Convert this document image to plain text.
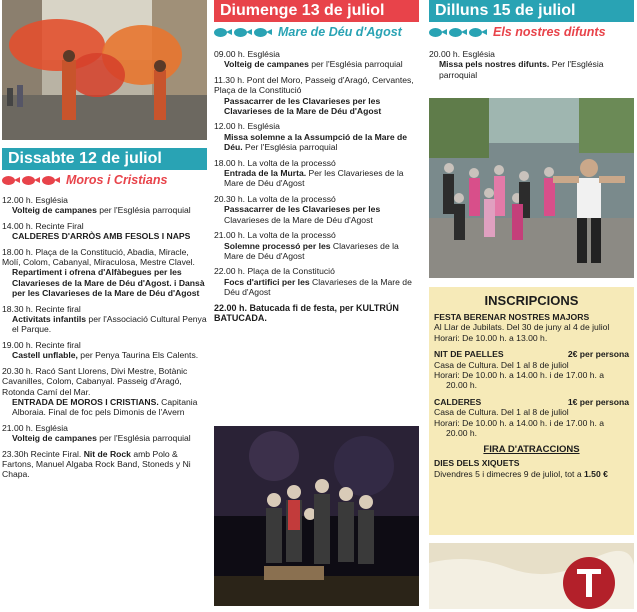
Dissabte 12 de juliol
Moros i Cristians
12.00 h. Església
Volteig de campanes per l'Església parroquial
14.00 h. Recinte Firal
CALDERES D'ARRÒS AMB FESOLS I NAPS
18.00 h. Plaça de la Constitució, Abadia, Miracle, Molí, Colom, Cabanyal, Miraculosa, Mestre Clavel.
Repartiment i ofrena d'Alfàbegues per les Clavarieses de la Mare de Déu d'Agost. i Dansà per les Clavarieses de la Mare de Déu d'Agost
18.30 h. Recinte firal
Activitats infantils per l'Associació Cultural Penya el Parque.
19.00 h. Recinte firal
Castell unflable, per Penya Taurina Els Calents.
20.30 h. Racó Sant Llorens, Divi Mestre, Botànic Cavanilles, Colom, Cabanyal. Passeig d'Aragó, Rotonda Camí del Mar.
ENTRADA DE MOROS I CRISTIANS. Capitania Alboraia. Final de foc pels Dimonis de l'Avern
21.00 h. Església
Volteig de campanes per l'Església parroquial
23.30h Recinte Firal. Nit de Rock amb Polo & Fartons, Manuel Algaba Rock Band, Stoneds y Ni Chapa.
Diumenge 13 de juliol
Mare de Déu d'Agost
09.00 h. Església
Volteig de campanes per l'Església parroquial
11.30 h. Pont del Moro, Passeig d'Aragó, Cervantes, Plaça de la Constitució
Passacarrer de les Clavarieses per les Clavarieses de la Mare de Déu d'Agost
12.00 h. Església
Missa solemne a la Assumpció de la Mare de Déu. Per l'Església parroquial
18.00 h. La volta de la processó
Entrada de la Murta. Per les Clavarieses de la Mare de Déu d'Agost
20.30 h. La volta de la processó
Passacarrer de les Clavarieses per les Clavarieses de la Mare de Déu d'Agost
21.00 h. La volta de la processó
Solemne processó per les Clavarieses de la Mare de Déu d'Agost
22.00 h. Plaça de la Constitució
Focs d'artifici per les Clavarieses de la Mare de Déu d'Agost
22.00 h. Batucada fi de festa, per KULTRÚN BATUCADA.
Dilluns 15 de juliol
Els nostres difunts
20.00 h. Església
Missa pels nostres difunts. Per l'Església parroquial
INSCRIPCIONS
FESTA BERENAR NOSTRES MAJORS
Al Llar de Jubilats. Del 30 de juny al 4 de juliol
Horari: De 10.00 h. a 13.00 h.
NIT DE PAELLES	2€ per persona
Casa de Cultura. Del 1 al 8 de juliol
Horari: De 10.00 h. a 14.00 h. i de 17.00 h. a

20.00 h.
CALDERES	1€ per persona
Casa de Cultura. Del 1 al 8 de juliol
Horari: De 10.00 h. a 14.00 h. i de 17.00 h. a

20.00 h.
FIRA D'ATRACCIONS
DIES DELS XIQUETS
Divendres 5 i dimecres 9 de juliol, tot a 1.50 €
